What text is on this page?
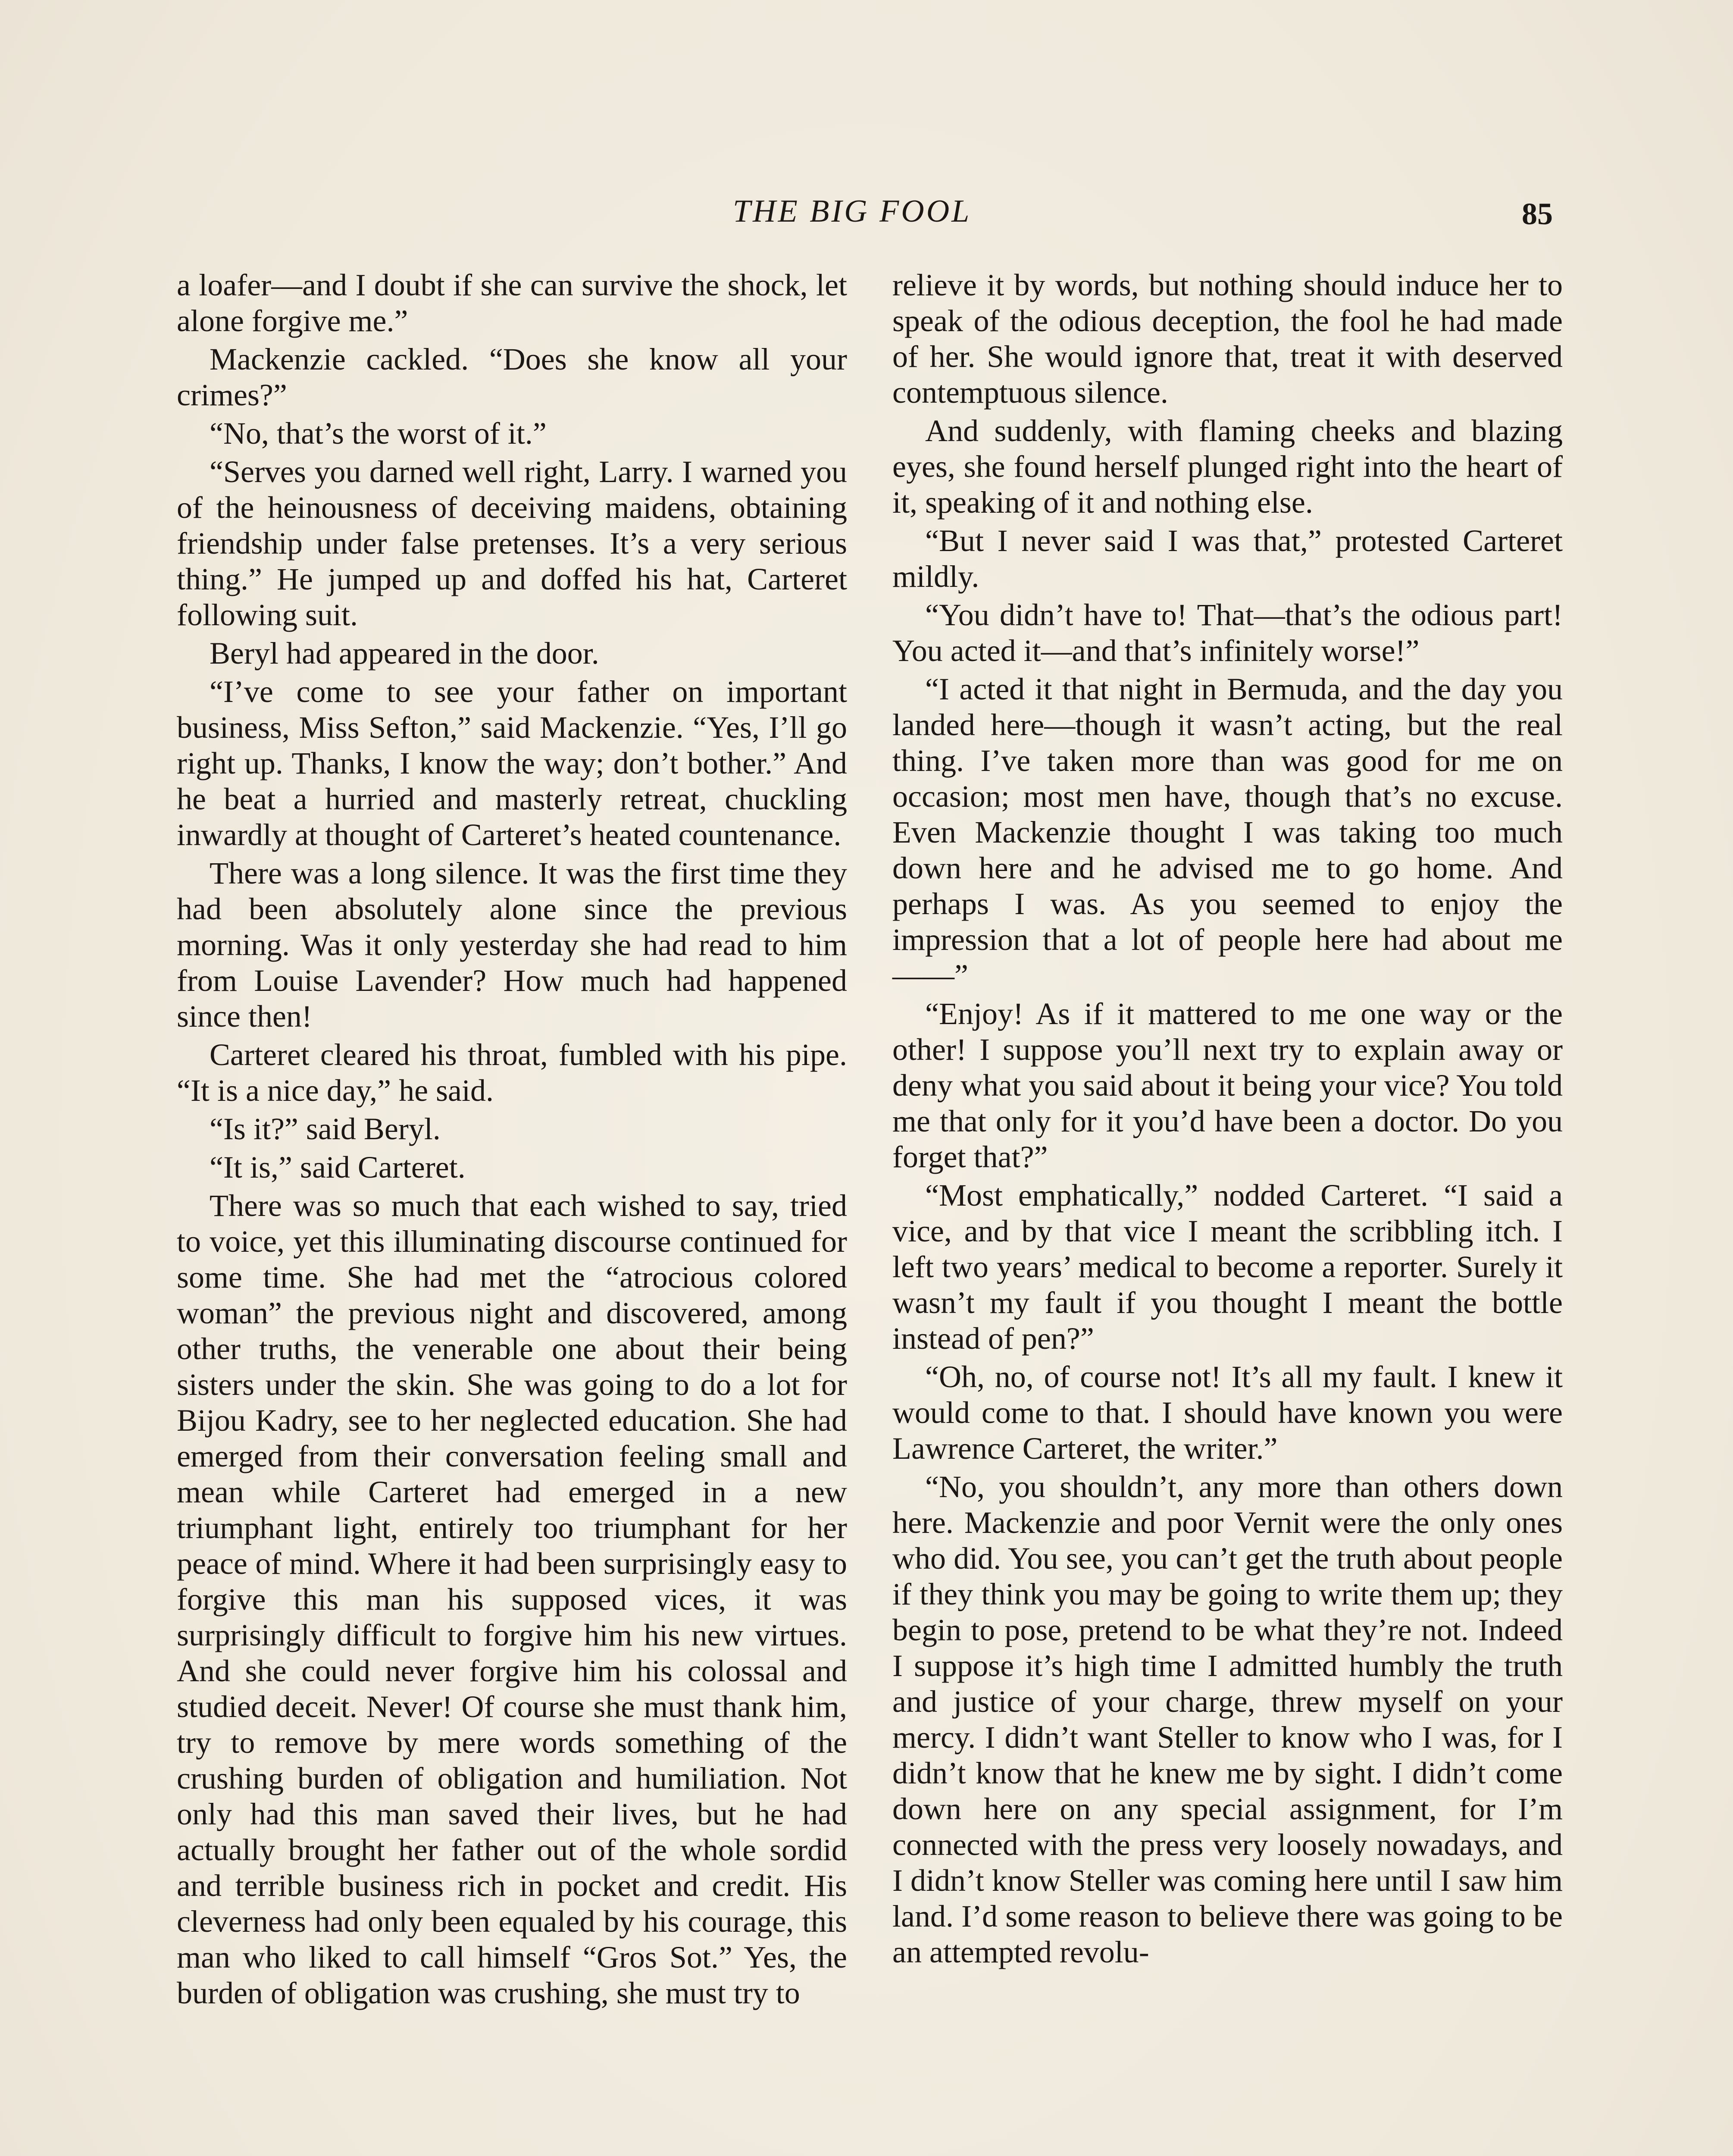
THE BIG FOOL	85

a loafer—and I doubt if she can survive the shock, let alone forgive me.”

Mackenzie cackled. “Does she know all your crimes?”

“No, that’s the worst of it.”

“Serves you darned well right, Larry. I warned you of the heinousness of deceiving maidens, obtaining friendship under false pretenses. It’s a very serious thing.” He jumped up and doffed his hat, Carteret following suit.

Beryl had appeared in the door.

“I’ve come to see your father on important business, Miss Sefton,” said Mackenzie. “Yes, I’ll go right up. Thanks, I know the way; don’t bother.” And he beat a hurried and masterly retreat, chuckling inwardly at thought of Carteret’s heated countenance.

There was a long silence. It was the first time they had been absolutely alone since the previous morning. Was it only yesterday she had read to him from Louise Lavender? How much had happened since then!

Carteret cleared his throat, fumbled with his pipe. “It is a nice day,” he said.

“Is it?” said Beryl.

“It is,” said Carteret.

There was so much that each wished to say, tried to voice, yet this illuminating discourse continued for some time. She had met the “atrocious colored woman” the previous night and discovered, among other truths, the venerable one about their being sisters under the skin. She was going to do a lot for Bijou Kadry, see to her neglected education. She had emerged from their conversation feeling small and mean while Carteret had emerged in a new triumphant light, entirely too triumphant for her peace of mind. Where it had been surprisingly easy to forgive this man his supposed vices, it was surprisingly difficult to forgive him his new virtues. And she could never forgive him his colossal and studied deceit. Never! Of course she must thank him, try to remove by mere words something of the crushing burden of obligation and humiliation. Not only had this man saved their lives, but he had actually brought her father out of the whole sordid and terrible business rich in pocket and credit. His cleverness had only been equaled by his courage, this man who liked to call himself “Gros Sot.” Yes, the burden of obligation was crushing, she must try to

relieve it by words, but nothing should induce her to speak of the odious deception, the fool he had made of her. She would ignore that, treat it with deserved contemptuous silence.

And suddenly, with flaming cheeks and blazing eyes, she found herself plunged right into the heart of it, speaking of it and nothing else.

“But I never said I was that,” protested Carteret mildly.

“You didn’t have to! That—that’s the odious part! You acted it—and that’s infinitely worse!”

“I acted it that night in Bermuda, and the day you landed here—though it wasn’t acting, but the real thing. I’ve taken more than was good for me on occasion; most men have, though that’s no excuse. Even Mackenzie thought I was taking too much down here and he advised me to go home. And perhaps I was. As you seemed to enjoy the impression that a lot of people here had about me——”

“Enjoy! As if it mattered to me one way or the other! I suppose you’ll next try to explain away or deny what you said about it being your vice? You told me that only for it you’d have been a doctor. Do you forget that?”

“Most emphatically,” nodded Carteret. “I said a vice, and by that vice I meant the scribbling itch. I left two years’ medical to become a reporter. Surely it wasn’t my fault if you thought I meant the bottle instead of pen?”

“Oh, no, of course not! It’s all my fault. I knew it would come to that. I should have known you were Lawrence Carteret, the writer.”

“No, you shouldn’t, any more than others down here. Mackenzie and poor Vernit were the only ones who did. You see, you can’t get the truth about people if they think you may be going to write them up; they begin to pose, pretend to be what they’re not. Indeed I suppose it’s high time I admitted humbly the truth and justice of your charge, threw myself on your mercy. I didn’t want Steller to know who I was, for I didn’t know that he knew me by sight. I didn’t come down here on any special assignment, for I’m connected with the press very loosely nowadays, and I didn’t know Steller was coming here until I saw him land. I’d some reason to believe there was going to be an attempted revolu-
